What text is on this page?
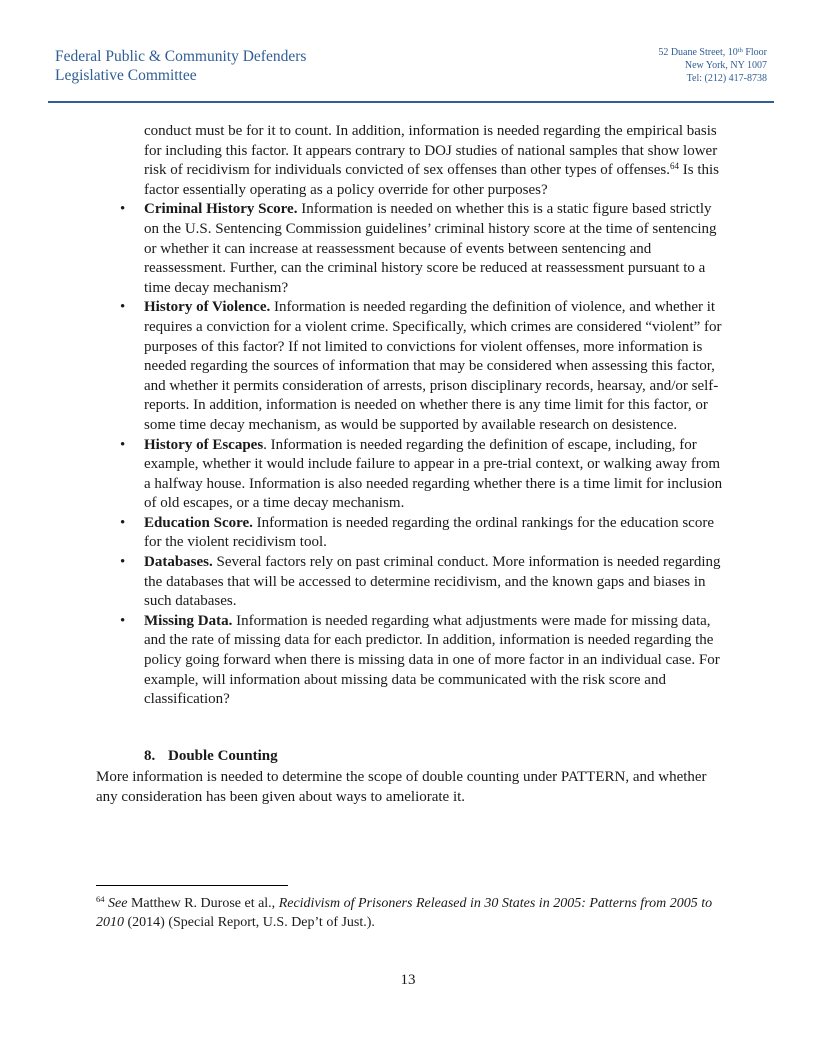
Federal Public & Community Defenders
Legislative Committee
52 Duane Street, 10th Floor
New York, NY 1007
Tel: (212) 417-8738

conduct must be for it to count. In addition, information is needed regarding the empirical basis for including this factor. It appears contrary to DOJ studies of national samples that show lower risk of recidivism for individuals convicted of sex offenses than other types of offenses.$^{64}$ Is this factor essentially operating as a policy override for other purposes?

• Criminal History Score. Information is needed on whether this is a static figure based strictly on the U.S. Sentencing Commission guidelines’ criminal history score at the time of sentencing or whether it can increase at reassessment because of events between sentencing and reassessment. Further, can the criminal history score be reduced at reassessment pursuant to a time decay mechanism?
• History of Violence. Information is needed regarding the definition of violence, and whether it requires a conviction for a violent crime. Specifically, which crimes are considered “violent” for purposes of this factor? If not limited to convictions for violent offenses, more information is needed regarding the sources of information that may be considered when assessing this factor, and whether it permits consideration of arrests, prison disciplinary records, hearsay, and/or self-reports. In addition, information is needed on whether there is any time limit for this factor, or some time decay mechanism, as would be supported by available research on desistence.
• History of Escapes. Information is needed regarding the definition of escape, including, for example, whether it would include failure to appear in a pre-trial context, or walking away from a halfway house. Information is also needed regarding whether there is a time limit for inclusion of old escapes, or a time decay mechanism.
• Education Score. Information is needed regarding the ordinal rankings for the education score for the violent recidivism tool.
• Databases. Several factors rely on past criminal conduct. More information is needed regarding the databases that will be accessed to determine recidivism, and the known gaps and biases in such databases.
• Missing Data. Information is needed regarding what adjustments were made for missing data, and the rate of missing data for each predictor. In addition, information is needed regarding the policy going forward when there is missing data in one of more factor in an individual case. For example, will information about missing data be communicated with the risk score and classification?
8. Double Counting

More information is needed to determine the scope of double counting under PATTERN, and whether any consideration has been given about ways to ameliorate it.

$^{64}$ See Matthew R. Durose et al., Recidivism of Prisoners Released in 30 States in 2005: Patterns from 2005 to 2010 (2014) (Special Report, U.S. Dep’t of Just.).

13
